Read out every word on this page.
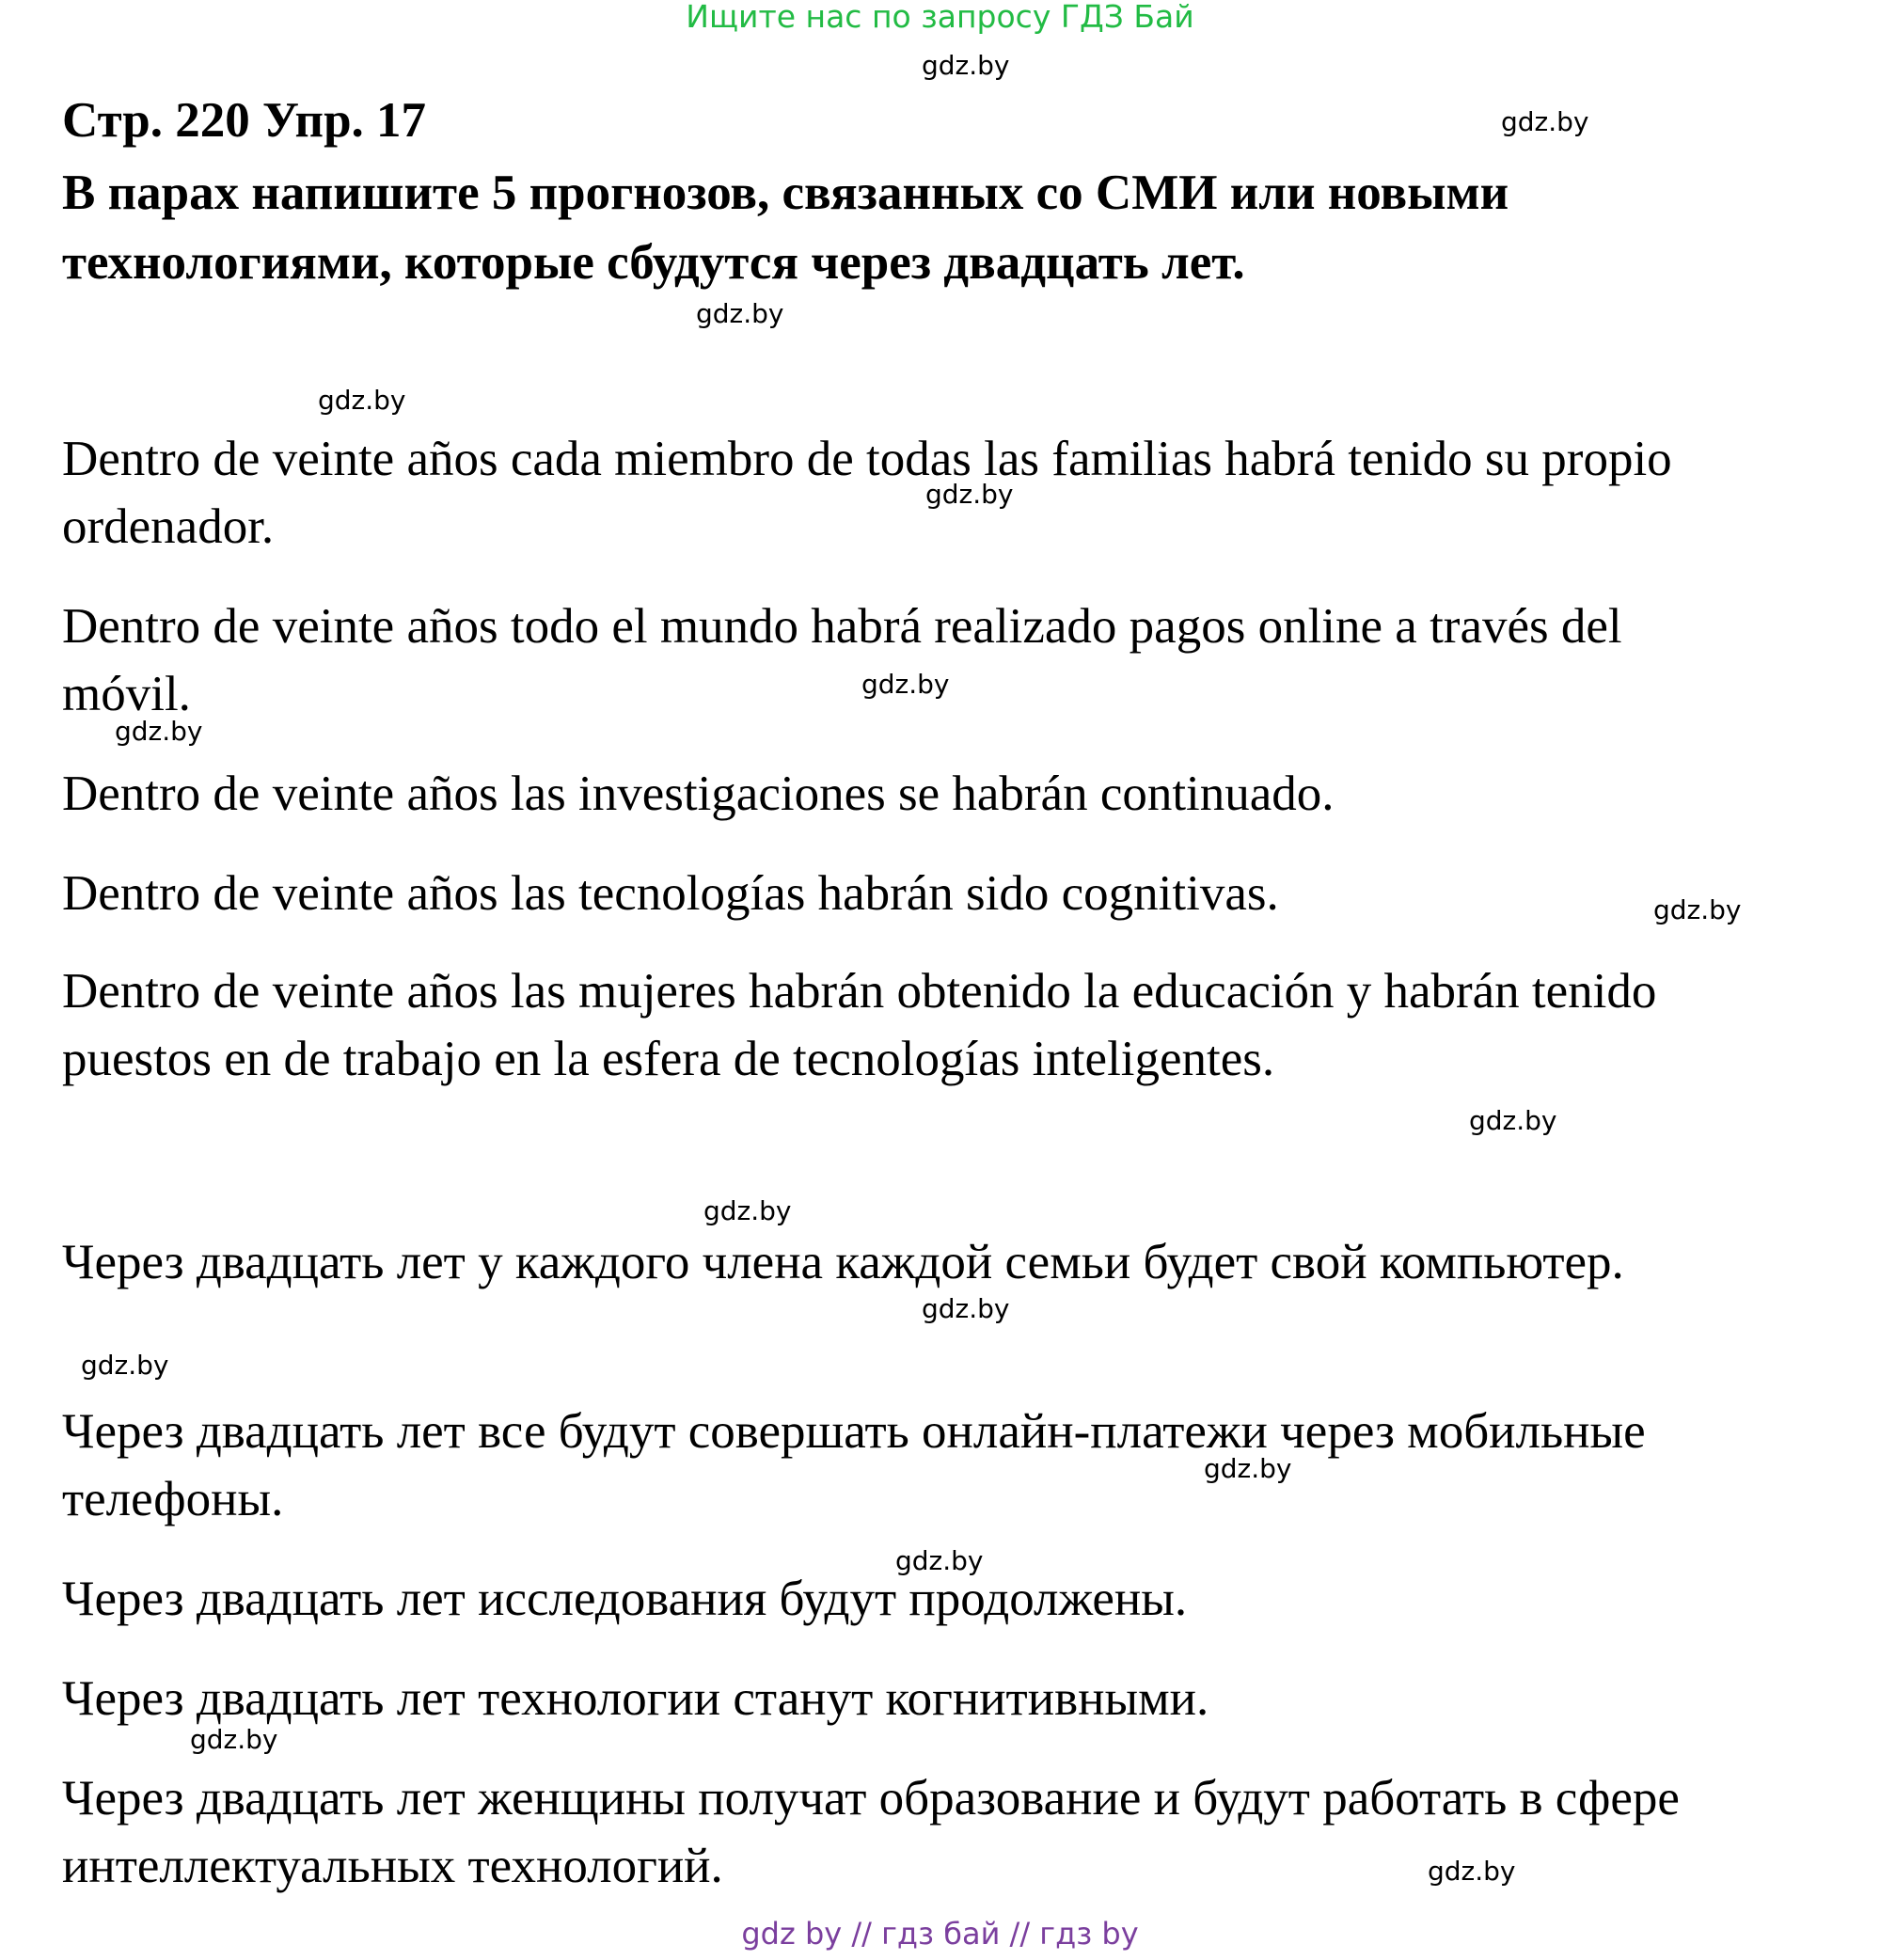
Ищите нас по запросу ГДЗ Бай
gdz.by
Стр. 220 Упр. 17	gdz.by
В парах напишите 5 прогнозов, связанных со СМИ или новыми технологиями, которые сбудутся через двадцать лет.
gdz.by
gdz.by
Dentro de veinte años cada miembro de todas las familias habrá tenido su propio ordenador.
gdz.by
Dentro de veinte años todo el mundo habrá realizado pagos online a través del móvil.	gdz.by
gdz.by
Dentro de veinte años las investigaciones se habrán continuado.
Dentro de veinte años las tecnologías habrán sido cognitivas.	gdz.by
Dentro de veinte años las mujeres habrán obtenido la educación y habrán tenido puestos en de trabajo en la esfera de tecnologías inteligentes.
gdz.by
gdz.by
Через двадцать лет у каждого члена каждой семьи будет свой компьютер.
gdz.by
gdz.by
Через двадцать лет все будут совершать онлайн-платежи через мобильные телефоны.
gdz.by
gdz.by
Через двадцать лет исследования будут продолжены.
Через двадцать лет технологии станут когнитивными.
gdz.by
Через двадцать лет женщины получат образование и будут работать в сфере интеллектуальных технологий.	gdz.by
gdz by // гдз бай // гдз by
